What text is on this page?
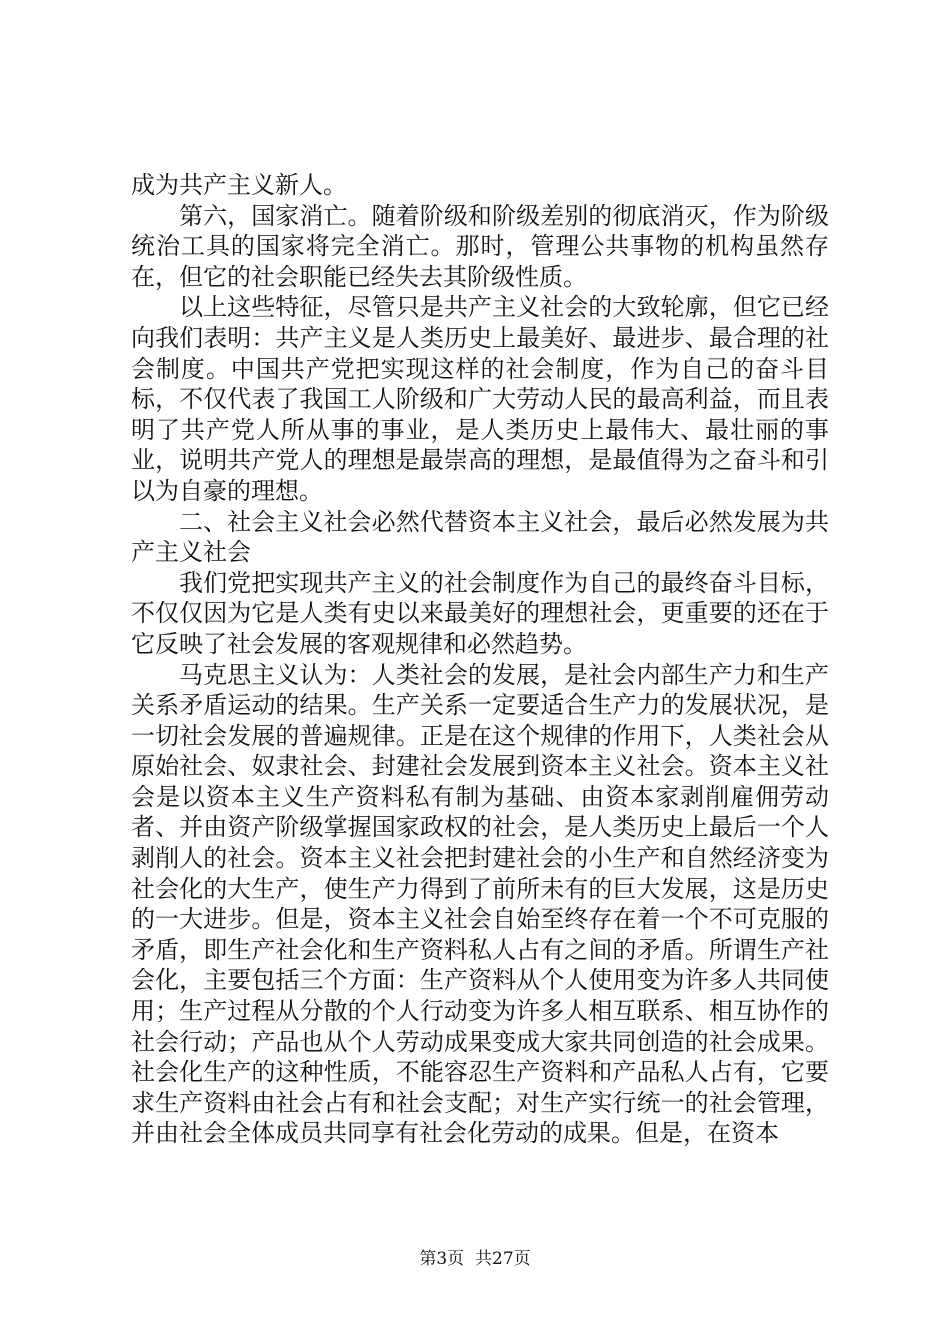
成为共产主义新人。

第六，国家消亡。随着阶级和阶级差别的彻底消灭，作为阶级统治工具的国家将完全消亡。那时，管理公共事物的机构虽然存在，但它的社会职能已经失去其阶级性质。

以上这些特征，尽管只是共产主义社会的大致轮廓，但它已经向我们表明：共产主义是人类历史上最美好、最进步、最合理的社会制度。中国共产党把实现这样的社会制度，作为自己的奋斗目标，不仅代表了我国工人阶级和广大劳动人民的最高利益，而且表明了共产党人所从事的事业，是人类历史上最伟大、最壮丽的事业，说明共产党人的理想是最崇高的理想，是最值得为之奋斗和引以为自豪的理想。

二、社会主义社会必然代替资本主义社会，最后必然发展为共产主义社会

我们党把实现共产主义的社会制度作为自己的最终奋斗目标，不仅仅因为它是人类有史以来最美好的理想社会，更重要的还在于它反映了社会发展的客观规律和必然趋势。

马克思主义认为：人类社会的发展，是社会内部生产力和生产关系矛盾运动的结果。生产关系一定要适合生产力的发展状况，是一切社会发展的普遍规律。正是在这个规律的作用下，人类社会从原始社会、奴隶社会、封建社会发展到资本主义社会。资本主义社会是以资本主义生产资料私有制为基础、由资本家剥削雇佣劳动者、并由资产阶级掌握国家政权的社会，是人类历史上最后一个人剥削人的社会。资本主义社会把封建社会的小生产和自然经济变为社会化的大生产，使生产力得到了前所未有的巨大发展，这是历史的一大进步。但是，资本主义社会自始至终存在着一个不可克服的矛盾，即生产社会化和生产资料私人占有之间的矛盾。所谓生产社会化，主要包括三个方面：生产资料从个人使用变为许多人共同使用；生产过程从分散的个人行动变为许多人相互联系、相互协作的社会行动；产品也从个人劳动成果变成大家共同创造的社会成果。社会化生产的这种性质，不能容忍生产资料和产品私人占有，它要求生产资料由社会占有和社会支配；对生产实行统一的社会管理，并由社会全体成员共同享有社会化劳动的成果。但是，在资本

第3页 共27页
